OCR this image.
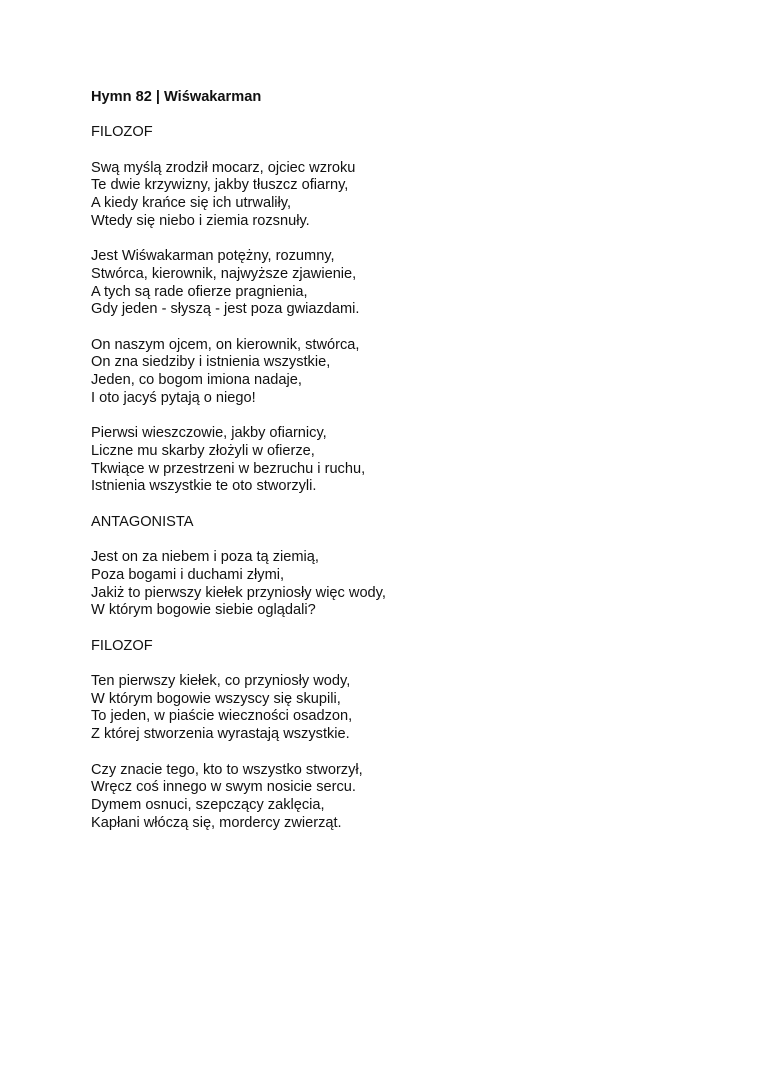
Hymn 82 | Wiśwakarman

FILOZOF

Swą myślą zrodził mocarz, ojciec wzroku

Te dwie krzywizny, jakby tłuszcz ofiarny,

A kiedy krańce się ich utrwaliły,

Wtedy się niebo i ziemia rozsnuły.

Jest Wiśwakarman potężny, rozumny,

Stwórca, kierownik, najwyższe zjawienie,

A tych są rade ofierze pragnienia,

Gdy jeden - słyszą - jest poza gwiazdami.

On naszym ojcem, on kierownik, stwórca,

On zna siedziby i istnienia wszystkie,

Jeden, co bogom imiona nadaje,

I oto jacyś pytają o niego!

Pierwsi wieszczowie, jakby ofiarnicy,

Liczne mu skarby złożyli w ofierze,

Tkwiące w przestrzeni w bezruchu i ruchu,

Istnienia wszystkie te oto stworzyli.

ANTAGONISTA

Jest on za niebem i poza tą ziemią,

Poza bogami i duchami złymi,

Jakiż to pierwszy kiełek przyniosły więc wody,

W którym bogowie siebie oglądali?

FILOZOF

Ten pierwszy kiełek, co przyniosły wody,

W którym bogowie wszyscy się skupili,

To jeden, w piaście wieczności osadzon,

Z której stworzenia wyrastają wszystkie.

Czy znacie tego, kto to wszystko stworzył,

Wręcz coś innego w swym nosicie sercu.

Dymem osnuci, szepczący zaklęcia,

Kapłani włóczą się, mordercy zwierząt.
